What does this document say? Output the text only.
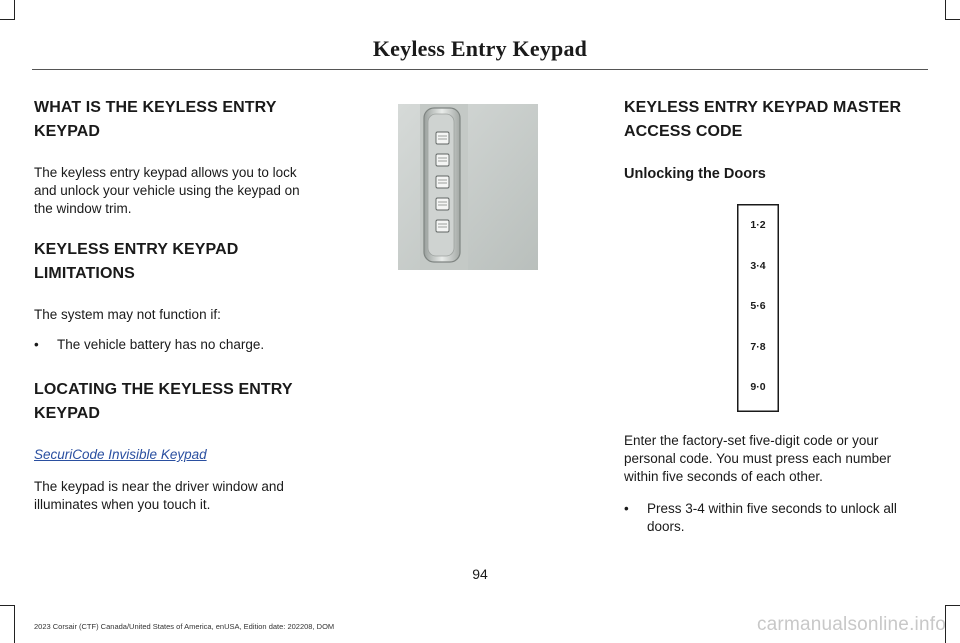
Keyless Entry Keypad
WHAT IS THE KEYLESS ENTRY KEYPAD

The keyless entry keypad allows you to lock and unlock your vehicle using the keypad on the window trim.

KEYLESS ENTRY KEYPAD LIMITATIONS

The system may not function if:

• The vehicle battery has no charge.
LOCATING THE KEYLESS ENTRY KEYPAD
SecuriCode Invisible Keypad

The keypad is near the driver window and illuminates when you touch it.

KEYLESS ENTRY KEYPAD MASTER ACCESS CODE
Unlocking the Doors
1·2
3·4
5·6
7·8
9·0

Enter the factory-set five-digit code or your personal code. You must press each number within five seconds of each other.

• Press 3-4 within five seconds to unlock all doors.
94
2023 Corsair (CTF) Canada/United States of America, enUSA, Edition date: 202208, DOM	carmanualsonline.info
